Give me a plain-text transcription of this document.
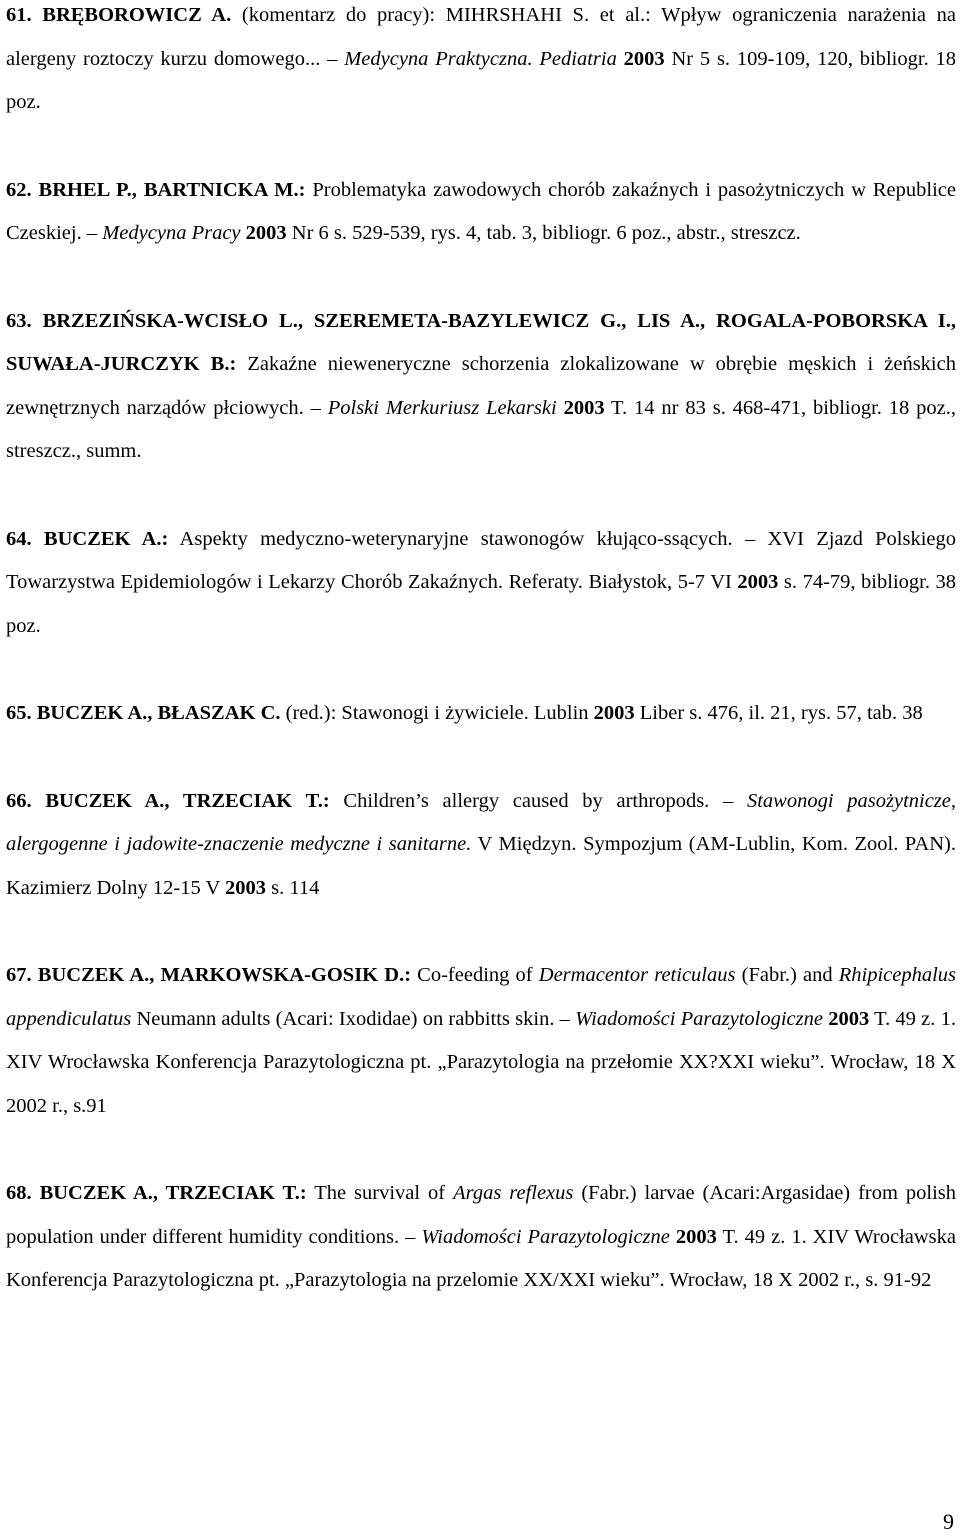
61. BRĘBOROWICZ A. (komentarz do pracy): MIHRSHAHI S. et al.: Wpływ ograniczenia narażenia na alergeny roztoczy kurzu domowego... – Medycyna Praktyczna. Pediatria 2003 Nr 5 s. 109-109, 120, bibliogr. 18 poz.

62. BRHEL P., BARTNICKA M.: Problematyka zawodowych chorób zakaźnych i pasożytniczych w Republice Czeskiej. – Medycyna Pracy 2003 Nr 6 s. 529-539, rys. 4, tab. 3, bibliogr. 6 poz., abstr., streszcz.

63. BRZEZIŃSKA-WCISŁO L., SZEREMETA-BAZYLEWICZ G., LIS A., ROGALA-POBORSKA I., SUWAŁA-JURCZYK B.: Zakaźne nieweneryczne schorzenia zlokalizowane w obrębie męskich i żeńskich zewnętrznych narządów płciowych. – Polski Merkuriusz Lekarski 2003 T. 14 nr 83 s. 468-471, bibliogr. 18 poz., streszcz., summ.

64. BUCZEK A.: Aspekty medyczno-weterynaryjne stawonogów kłująco-ssących. – XVI Zjazd Polskiego Towarzystwa Epidemiologów i Lekarzy Chorób Zakaźnych. Referaty. Białystok, 5-7 VI 2003 s. 74-79, bibliogr. 38 poz.

65. BUCZEK A., BŁASZAK C. (red.): Stawonogi i żywiciele. Lublin 2003 Liber s. 476, il. 21, rys. 57, tab. 38

66. BUCZEK A., TRZECIAK T.: Children’s allergy caused by arthropods. – Stawonogi pasożytnicze, alergogenne i jadowite-znaczenie medyczne i sanitarne. V Międzyn. Sympozjum (AM-Lublin, Kom. Zool. PAN). Kazimierz Dolny 12-15 V 2003 s. 114

67. BUCZEK A., MARKOWSKA-GOSIK D.: Co-feeding of Dermacentor reticulaus (Fabr.) and Rhipicephalus appendiculatus Neumann adults (Acari: Ixodidae) on rabbitts skin. – Wiadomości Parazytologiczne 2003 T. 49 z. 1. XIV Wrocławska Konferencja Parazytologiczna pt. „Parazytologia na przełomie XX?XXI wieku”. Wrocław, 18 X 2002 r., s.91

68. BUCZEK A., TRZECIAK T.: The survival of Argas reflexus (Fabr.) larvae (Acari:Argasidae) from polish population under different humidity conditions. – Wiadomości Parazytologiczne 2003 T. 49 z. 1. XIV Wrocławska Konferencja Parazytologiczna pt. „Parazytologia na przelomie XX/XXI wieku”. Wrocław, 18 X 2002 r., s. 91-92

9
